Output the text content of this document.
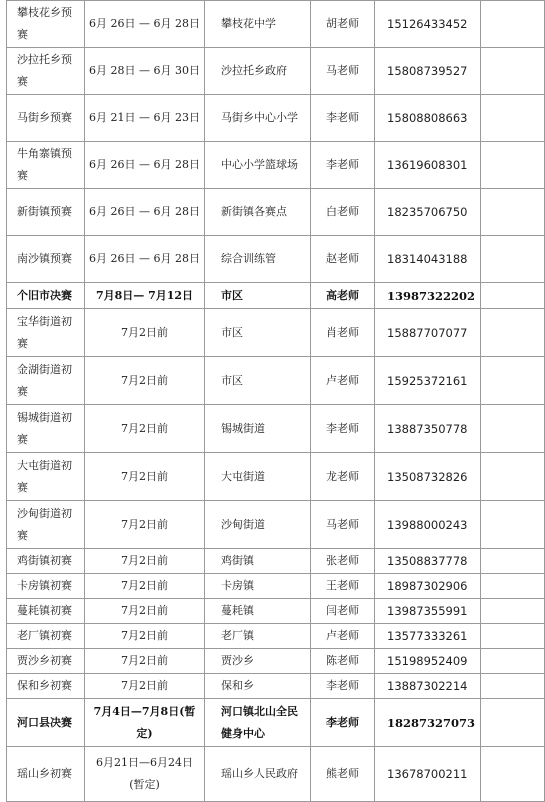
攀枝花乡预赛	6月 26日 — 6月 28日	攀枝花中学	胡老师	15126433452	
沙拉托乡预赛	6月 28日 — 6月 30日	沙拉托乡政府	马老师	15808739527	
马街乡预赛	6月 21日 — 6月 23日	马街乡中心小学	李老师	15808808663	
牛角寨镇预赛	6月 26日 — 6月 28日	中心小学篮球场	李老师	13619608301	
新街镇预赛	6月 26日 — 6月 28日	新街镇各赛点	白老师	18235706750	
南沙镇预赛	6月 26日 — 6月 28日	综合训练管	赵老师	18314043188	
个旧市决赛	7月8日— 7月12日	市区	高老师	13987322202	
宝华街道初赛	7月2日前	市区	肖老师	15887707077	
金湖街道初赛	7月2日前	市区	卢老师	15925372161	
锡城街道初赛	7月2日前	锡城街道	李老师	13887350778	
大屯街道初赛	7月2日前	大屯街道	龙老师	13508732826	
沙甸街道初赛	7月2日前	沙甸街道	马老师	13988000243	
鸡街镇初赛	7月2日前	鸡街镇	张老师	13508837778	
卡房镇初赛	7月2日前	卡房镇	王老师	18987302906	
蔓耗镇初赛	7月2日前	蔓耗镇	闫老师	13987355991	
老厂镇初赛	7月2日前	老厂镇	卢老师	13577333261	
贾沙乡初赛	7月2日前	贾沙乡	陈老师	15198952409	
保和乡初赛	7月2日前	保和乡	李老师	13887302214	
河口县决赛	7月4日—7月8日(暂定)	河口镇北山全民健身中心	李老师	18287327073	
瑶山乡初赛	6月21日—6月24日 (暂定)	瑶山乡人民政府	熊老师	13678700211	
